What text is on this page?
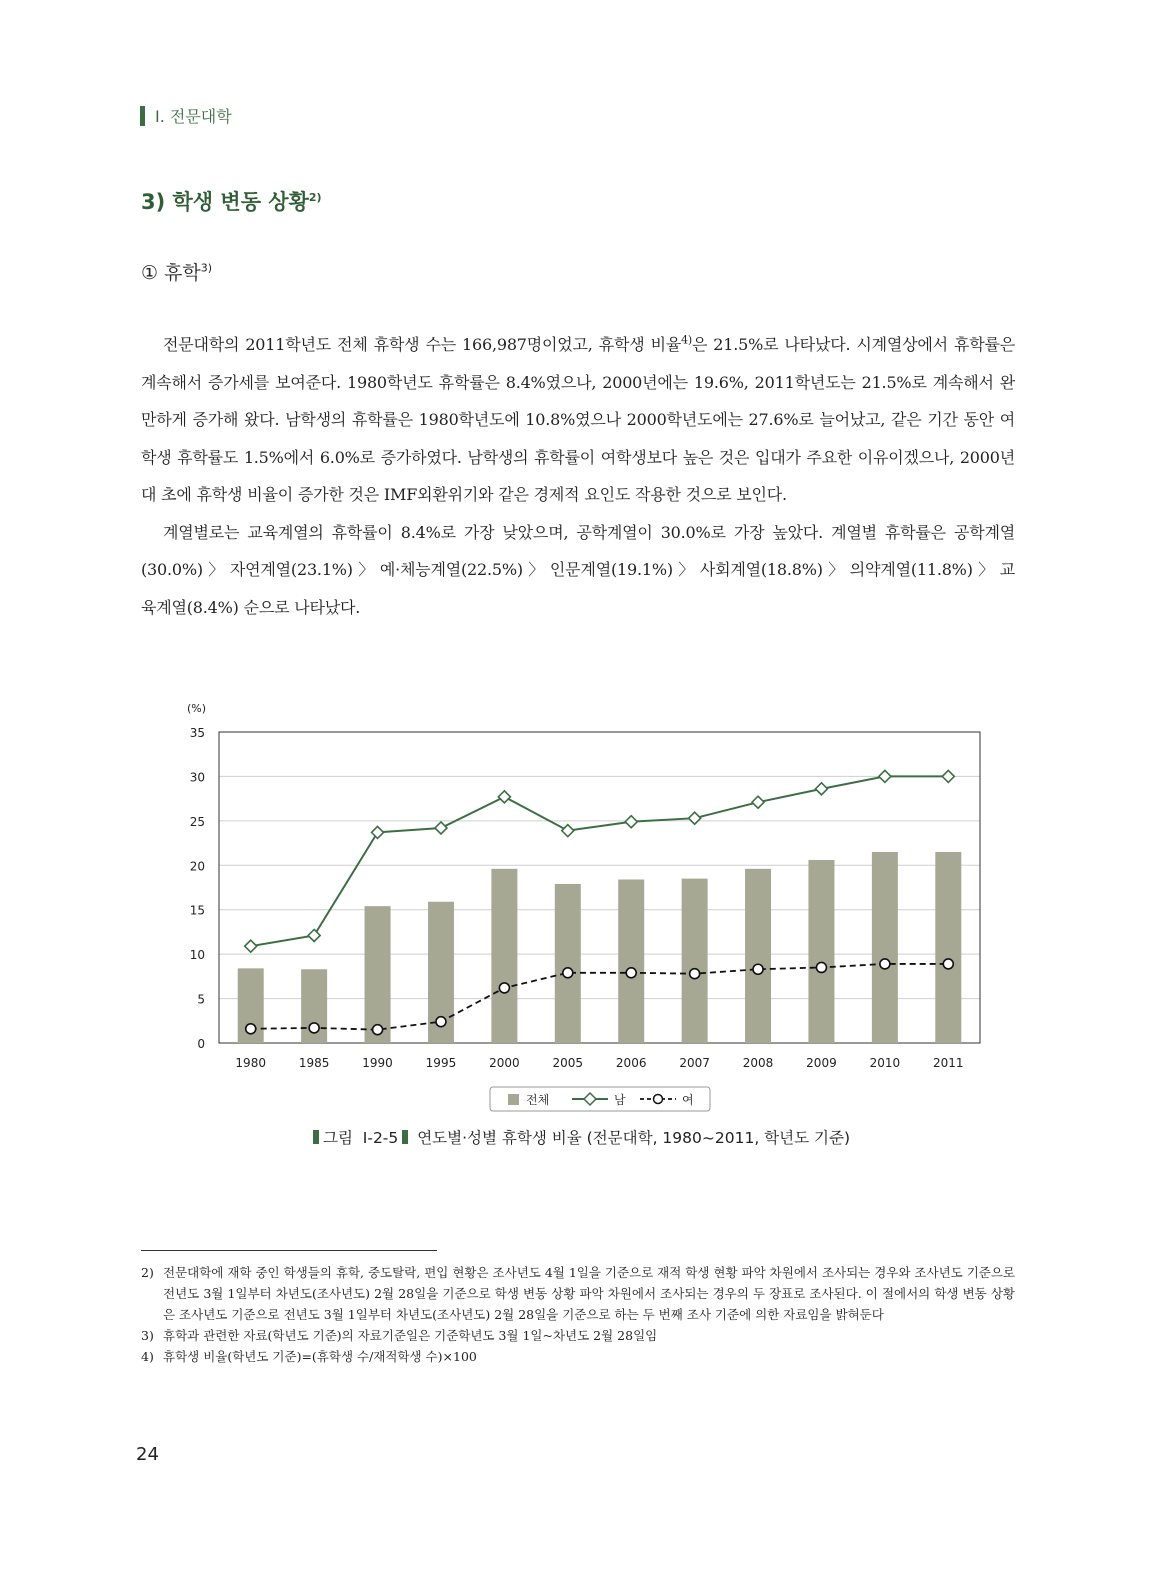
Ⅰ. 전문대학
3) 학생 변동 상황$^{2)}$
① 휴학$^{3)}$

전문대학의 2011학년도 전체 휴학생 수는 166,987명이었고, 휴학생 비율$^{4)}$은 21.5%로 나타났다. 시계열상에서 휴학률은 계속해서 증가세를 보여준다. 1980학년도 휴학률은 8.4%였으나, 2000년에는 19.6%, 2011학년도는 21.5%로 계속해서 완만하게 증가해 왔다. 남학생의 휴학률은 1980학년도에 10.8%였으나 2000학년도에는 27.6%로 늘어났고, 같은 기간 동안 여학생 휴학률도 1.5%에서 6.0%로 증가하였다. 남학생의 휴학률이 여학생보다 높은 것은 입대가 주요한 이유이겠으나, 2000년대 초에 휴학생 비율이 증가한 것은 IMF외환위기와 같은 경제적 요인도 작용한 것으로 보인다.

계열별로는 교육계열의 휴학률이 8.4%로 가장 낮았으며, 공학계열이 30.0%로 가장 높았다. 계열별 휴학률은 공학계열(30.0%) 〉 자연계열(23.1%) 〉 예·체능계열(22.5%) 〉 인문계열(19.1%) 〉 사회계열(18.8%) 〉 의약계열(11.8%) 〉 교육계열(8.4%) 순으로 나타났다.

0
5
10
15
20
25
30
35
(%)
1980	1985	1990	1995	2000	2005	2006	2007	2008	2009	2010	2011
전체	남	여
그림 Ⅰ-2-5 연도별·성별 휴학생 비율 (전문대학, 1980~2011, 학년도 기준)
2) 전문대학에 재학 중인 학생들의 휴학, 중도탈락, 편입 현황은 조사년도 4월 1일을 기준으로 재적 학생 현황 파악 차원에서 조사되는 경우와 조사년도 기준으로 전년도 3월 1일부터 차년도(조사년도) 2월 28일을 기준으로 학생 변동 상황 파악 차원에서 조사되는 경우의 두 장표로 조사된다. 이 절에서의 학생 변동 상황은 조사년도 기준으로 전년도 3월 1일부터 차년도(조사년도) 2월 28일을 기준으로 하는 두 번째 조사 기준에 의한 자료임을 밝혀둔다
3) 휴학과 관련한 자료(학년도 기준)의 자료기준일은 기준학년도 3월 1일~차년도 2월 28일임
4) 휴학생 비율(학년도 기준)=(휴학생 수/재적학생 수)×100
24
